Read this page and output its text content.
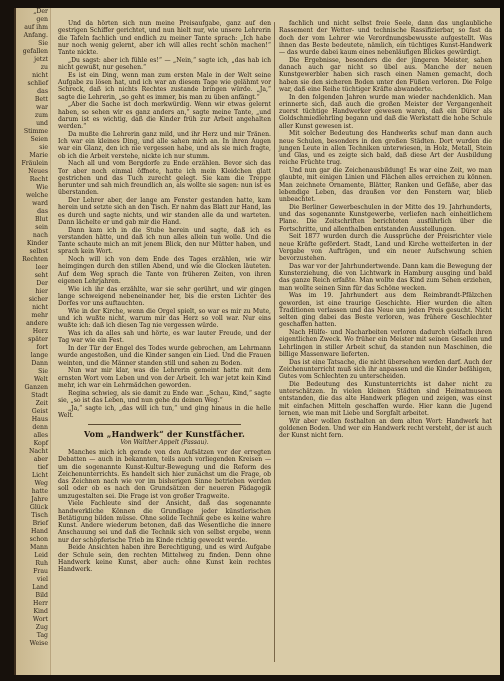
„Der
gen
auf ihm
Anfang.
Sie
gefallen
jetzt
zu
nicht
schlief
das
Bett
war
zum
und
Stimme
Seien
sie
Marie
Fräulein
Neues
Recht
Wie
welche
ward
das
Blut
sein
nach
Kinder
selbst
Rechten
leer
seht
Der
hier
sicher
nicht
mehr
andere
Herz
später
fort
lange
Dann
Sie
Welt
Ganzen
Stadt
Zeit
Geist
Haus
denn
alles
Kopf
Nacht
aber
tief
Licht
Weg
hatte
Jahre
Glück
Tisch
Brief
Hand
schon
Mann
Leid
Ruh
Frau
viel
Land
Bild
Herr
Kind
Wort
Zug
Tag
Weise

Und da hörten sich nun meine Preisaufgabe, ganz auf den gestrigen Schiffer gerichtet, und nun hielt nur, wie unsere Lehrerin die Tafeln fachlich und endlich zu meiner Tante sprach: „Ich habe nur noch wenig gelernt, aber ich will alles recht schön machen!“ Tante nickte.

„Du sagst: aber ich fühle es!“ — „Nein,“ sagte ich, „das hab ich nicht gewußt, nur gesehen.“

Es ist ein Ding, wenn man zum ersten Male in der Welt seine Aufgabe zu lösen hat, und ich war an diesem Tage wie gelähmt vor Schreck, daß ich nichts Rechtes zustande bringen würde. „Ja,“ sagte die Lehrerin, „so geht es immer, bis man zu üben anfängt.“

„Aber die Sache ist doch merkwürdig. Wenn wir etwas gelernt haben, so sehen wir es ganz anders an,“ sagte meine Tante, „und darum ist es wichtig, daß die Kinder früh zur Arbeit angehalten werden.“

Da mußte die Lehrerin ganz mild, und ihr Herz und mir Tränen. Ich war ein kleines Ding, und alle sahen mich an. In ihren Augen war ein Glanz, den ich nie vergessen habe, und als sie mich fragte, ob ich die Arbeit verstehe, nickte ich nur stumm.

Nach all und vom Bergdorfe zu Ende erzählen. Bevor sich das Tor aber noch einmal öffnete, hatte ich mein Kleidchen glatt gestrichen und das Tuch zurecht gelegt. Sie kam die Treppe herunter und sah mich freundlich an, als wollte sie sagen: nun ist es überstanden.

Der Lehrer aber, der lange am Fenster gestanden hatte, kam herein und setzte sich an den Tisch. Er nahm das Blatt zur Hand, las es durch und sagte nichts, und wir standen alle da und warteten. Dann lächelte er und gab mir die Hand.

Dann kam ich in die Stube herein und sagte, daß ich es verstanden hätte, und daß ich nun alles allein tun wolle. Und die Tante schaute mich an mit jenem Blick, den nur Mütter haben, und sprach kein Wort.

Noch will ich von dem Ende des Tages erzählen, wie wir heimgingen durch den stillen Abend, und wie die Glocken läuteten. Auf dem Weg sprach die Tante von früheren Zeiten, von ihren eigenen Lehrjahren.

Wie ich ihr das erzählte, war sie sehr gerührt, und wir gingen lange schweigend nebeneinander her, bis die ersten Lichter des Dorfes vor uns auftauchten.

Wie in der Kirche, wenn die Orgel spielt, so war es mir zu Mute, und ich wußte nicht, warum mir das Herz so voll war. Nur eins wußte ich: daß ich diesen Tag nie vergessen würde.

Was ich da alles sah und hörte, es war lauter Freude, und der Tag war wie ein Fest.

In der Tür der Engel des Todes wurde gebrochen, am Lehrmann wurde angestoßen, und die Kinder sangen ein Lied. Und die Frauen weinten, und die Männer standen still und sahen zu Boden.

Nun war mir klar, was die Lehrerin gemeint hatte mit dem ernsten Wort vom Leben und von der Arbeit. Ich war jetzt kein Kind mehr, ich war ein Lehrmädchen geworden.

Regina schwieg, als sie damit zu Ende war. „Schau, Kind,“ sagte sie, „so ist das Leben, und nun gehe du deinen Weg.“

„Ja,“ sagte ich, „das will ich tun,“ und ging hinaus in die helle Welt.

Vom „Handwerk“ der Kunstfächer.
Von Walther Appelt (Passau).

Manches mich ich gerade von den Aufsätzen vor der erregten Debatten — auch in bekannten, teils auch vorliegenden Kreisen — um die sogenannte Kunst-Kultur-Bewegung und die Reform des Zeichenunterrichts. Es handelt sich hier zunächst um die Frage, ob das Zeichnen nach wie vor im bisherigen Sinne betrieben werden soll oder ob es nach den Grundsätzen der neueren Pädagogik umzugestalten sei. Die Frage ist von großer Tragweite.

Viele Fachleute sind der Ansicht, daß das sogenannte handwerkliche Können die Grundlage jeder künstlerischen Betätigung bilden müsse. Ohne solide Technik gebe es keine wahre Kunst. Andere wiederum betonen, daß das Wesentliche die innere Anschauung sei und daß die Technik sich von selbst ergebe, wenn nur der schöpferische Trieb im Kinde richtig geweckt werde.

Beide Ansichten haben ihre Berechtigung, und es wird Aufgabe der Schule sein, den rechten Mittelweg zu finden. Denn ohne Handwerk keine Kunst, aber auch: ohne Kunst kein rechtes Handwerk.

fachlich und nicht selbst freie Seele, dann das unglaubliche Rassement der Wetter- und technische Rassifizierbar, so fast da doch der vom Lehrer wie Verordnungsbewusste aufgestellt. Was ihnen das Beste bedeutete, nämlich, ein tüchtiges Kunst-Handwerk — das wurde dabei kaum eines nebenläufigen Blickes gewürdigt.

Die Ergebnisse, besonders die der jüngeren Meister, sahen danach auch gar nicht so übel aus. Manche der neuen Kunstgewerbler haben sich rasch einen Namen gemacht, doch haben sie den sicheren Boden unter den Füßen verloren. Die Folge war, daß eine Reihe tüchtiger Kräfte abwanderte.

In den folgenden Jahren wurde man wieder nachdenklich. Man erinnerte sich, daß auch die großen Meister der Vergangenheit zuerst tüchtige Handwerker gewesen waren, daß ein Dürer als Goldschmiedlehrling begann und daß die Werkstatt die hohe Schule aller Kunst gewesen ist.

Mit solcher Bedeutung des Handwerks schuf man dann auch neue Schulen, besonders in den großen Städten. Dort wurden die jungen Leute in allen Techniken unterwiesen, in Holz, Metall, Stein und Glas, und es zeigte sich bald, daß diese Art der Ausbildung reiche Früchte trug.

Und nun gar die Zeichenausbildung! Es war eine Zeit, wo man glaubte, mit einigen Linien und Flächen alles erreichen zu können. Man zeichnete Ornamente, Blätter, Ranken und Gefäße, aber das lebendige Leben, das draußen vor den Fenstern war, blieb unbeachtet.

Die Berliner Gewerbeschulen in der Mitte des 19. Jahrhunderts, und das sogenannte Kunstgewerbe, verliefen nach einheitlichem Plane. Die Zeitschriften berichteten ausführlich über die Fortschritte, und allenthalben entstanden Ausstellungen.

Seit 1877 wurden durch die Aussprüche der Preisrichter viele neue Kräfte gefördert. Stadt, Land und Kirche wetteiferten in der Vergabe von Aufträgen, und ein neuer Aufschwung schien bevorzustehen.

Das war vor der Jahrhundertwende. Dann kam die Bewegung der Kunsterziehung, die von Lichtwark in Hamburg ausging und bald das ganze Reich erfaßte. Man wollte das Kind zum Sehen erziehen, man wollte seinen Sinn für das Schöne wecken.

Was im 19. Jahrhundert aus dem Reimbrandt-Pfälzchen geworden, ist eine traurige Geschichte. Hier wurden die alten Traditionen verlassen und das Neue um jeden Preis gesucht. Nicht selten ging dabei das Beste verloren, was frühere Geschlechter geschaffen hatten.

Nach Hülfe- und Nacharbeiten verloren dadurch vielfach ihren eigentlichen Zweck. Wo früher ein Meister mit seinen Gesellen und Lehrlingen in stiller Arbeit schuf, da standen nun Maschinen, die billige Massenware lieferten.

Das ist eine Tatsache, die nicht übersehen werden darf. Auch der Zeichenunterricht muß sich ihr anpassen und die Kinder befähigen, Gutes vom Schlechten zu unterscheiden.

Die Bedeutung des Kunstunterrichts ist daher nicht zu unterschätzen. In vielen kleinen Städten sind Heimatmuseen entstanden, die das alte Handwerk pflegen und zeigen, was einst mit einfachen Mitteln geschaffen wurde. Hier kann die Jugend lernen, wie man mit Liebe und Sorgfalt arbeitet.

Wir aber wollen festhalten an dem alten Wort: Handwerk hat goldenen Boden. Und wer ein Handwerk recht versteht, der ist auch der Kunst nicht fern.
